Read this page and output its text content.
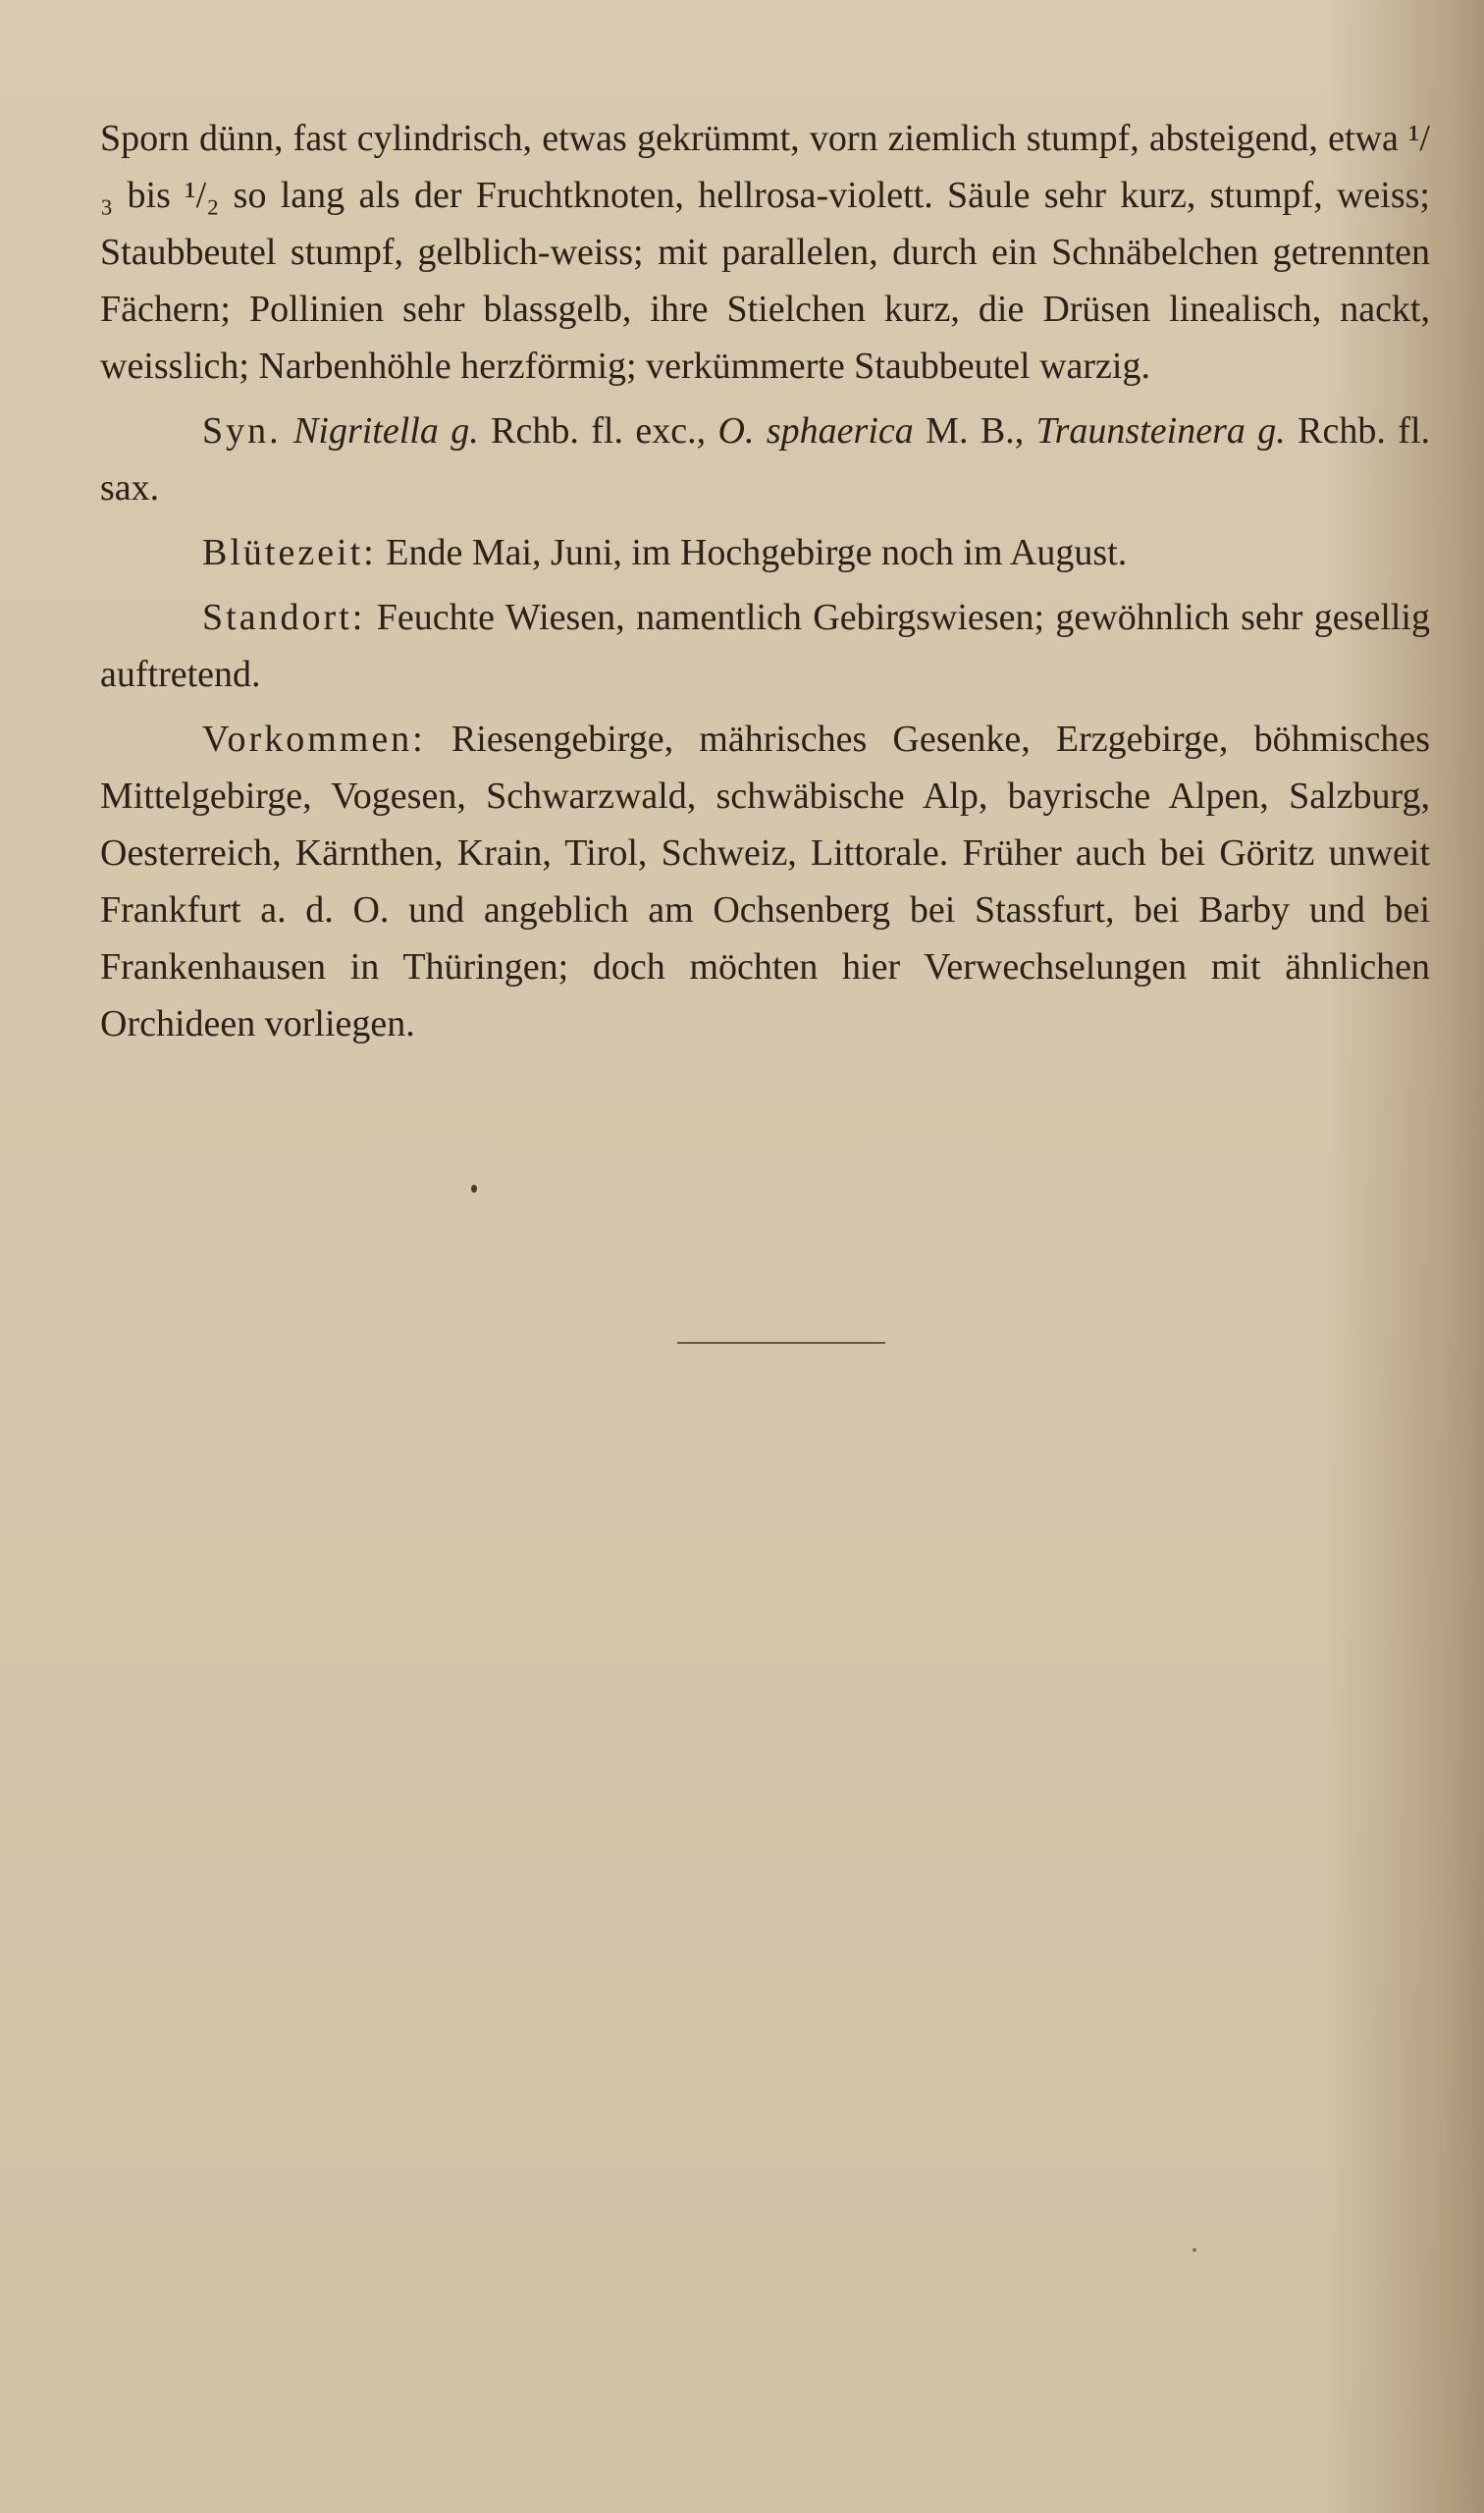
Sporn dünn, fast cylindrisch, etwas gekrümmt, vorn ziemlich stumpf, absteigend, etwa ¹/₃ bis ¹/₂ so lang als der Fruchtknoten, hellrosa-violett. Säule sehr kurz, stumpf, weiss; Staubbeutel stumpf, gelblich-weiss; mit parallelen, durch ein Schnäbelchen getrennten Fächern; Pollinien sehr blassgelb, ihre Stielchen kurz, die Drüsen linealisch, nackt, weisslich; Narbenhöhle herzförmig; verkümmerte Staubbeutel warzig.

Syn. Nigritella g. Rchb. fl. exc., O. sphaerica M. B., Traunsteinera g. Rchb. fl. sax.

Blütezeit: Ende Mai, Juni, im Hochgebirge noch im August.

Standort: Feuchte Wiesen, namentlich Gebirgswiesen; gewöhnlich sehr gesellig auftretend.

Vorkommen: Riesengebirge, mährisches Gesenke, Erzgebirge, böhmisches Mittelgebirge, Vogesen, Schwarzwald, schwäbische Alp, bayrische Alpen, Salzburg, Oesterreich, Kärnthen, Krain, Tirol, Schweiz, Littorale. Früher auch bei Göritz unweit Frankfurt a. d. O. und angeblich am Ochsenberg bei Stassfurt, bei Barby und bei Frankenhausen in Thüringen; doch möchten hier Verwechselungen mit ähnlichen Orchideen vorliegen.
